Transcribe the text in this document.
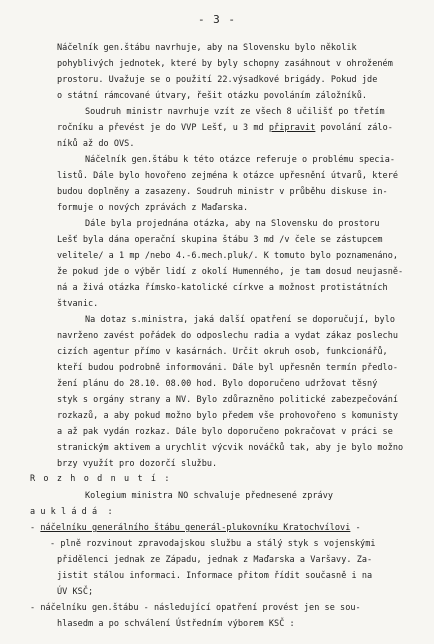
- 3 -
Náčelník gen.štábu navrhuje, aby na Slovensku bylo několik
pohyblivých jednotek, které by byly schopny zasáhnout v ohroženém
prostoru. Uvažuje se o použití 22.výsadkové brigády. Pokud jde
o státní rámcované útvary, řešit otázku povoláním záložníků.
Soudruh ministr navrhuje vzít ze všech 8 učilišť po třetím
ročníku a převést je do VVP Lešť, u 3 md připravit povolání zálo-
níků až do OVS.
Náčelník gen.štábu k této otázce referuje o problému specia-
listů. Dále bylo hovořeno zejména k otázce upřesnění útvarů, které
budou doplněny a zasazeny. Soudruh ministr v průběhu diskuse in-
formuje o nových zprávách z Maďarska.
Dále byla projednána otázka, aby na Slovensku do prostoru
Lešť byla dána operační skupina štábu 3 md /v čele se zástupcem
velitele/ a 1 mp /nebo 4.-6.mech.pluk/. K tomuto bylo poznamenáno,
že pokud jde o výběr lidí z okolí Humenného, je tam dosud neujasně-
ná a živá otázka římsko-katolické církve a možnost protistátních
štvanic.
Na dotaz s.ministra, jaká další opatření se doporučují, bylo
navrženo zavést pořádek do odposlechu radia a vydat zákaz poslechu
cizích agentur přímo v kasárnách. Určit okruh osob, funkcionářů,
kteří budou podrobně informováni. Dále byl upřesněn termín předlo-
žení plánu do 28.10. 08.00 hod. Bylo doporučeno udržovat těsný
styk s orgány strany a NV. Bylo zdůrazněno politické zabezpečování
rozkazů, a aby pokud možno bylo předem vše prohovořeno s komunisty
a až pak vydán rozkaz. Dále bylo doporučeno pokračovat v práci se
stranickým aktivem a urychlit výcvik nováčků tak, aby je bylo možno
brzy využít pro dozorčí službu.
R o z h o d n u t í :
Kolegium ministra NO schvaluje přednesené zprávy
a u k l á d á  :
- náčelníku generálního štábu generál-plukovníku Kratochvílovi -
- plně rozvinout zpravodajskou službu a stálý styk s vojenskými
přidělenci jednak ze Západu, jednak z Maďarska a Varšavy. Za-
jistit stálou informaci. Informace přitom řídit současně i na
ÚV KSČ;
- náčelníku gen.štábu - následující opatření provést jen se sou-
hlasedm a po schválení Ústředním výborem KSČ :
